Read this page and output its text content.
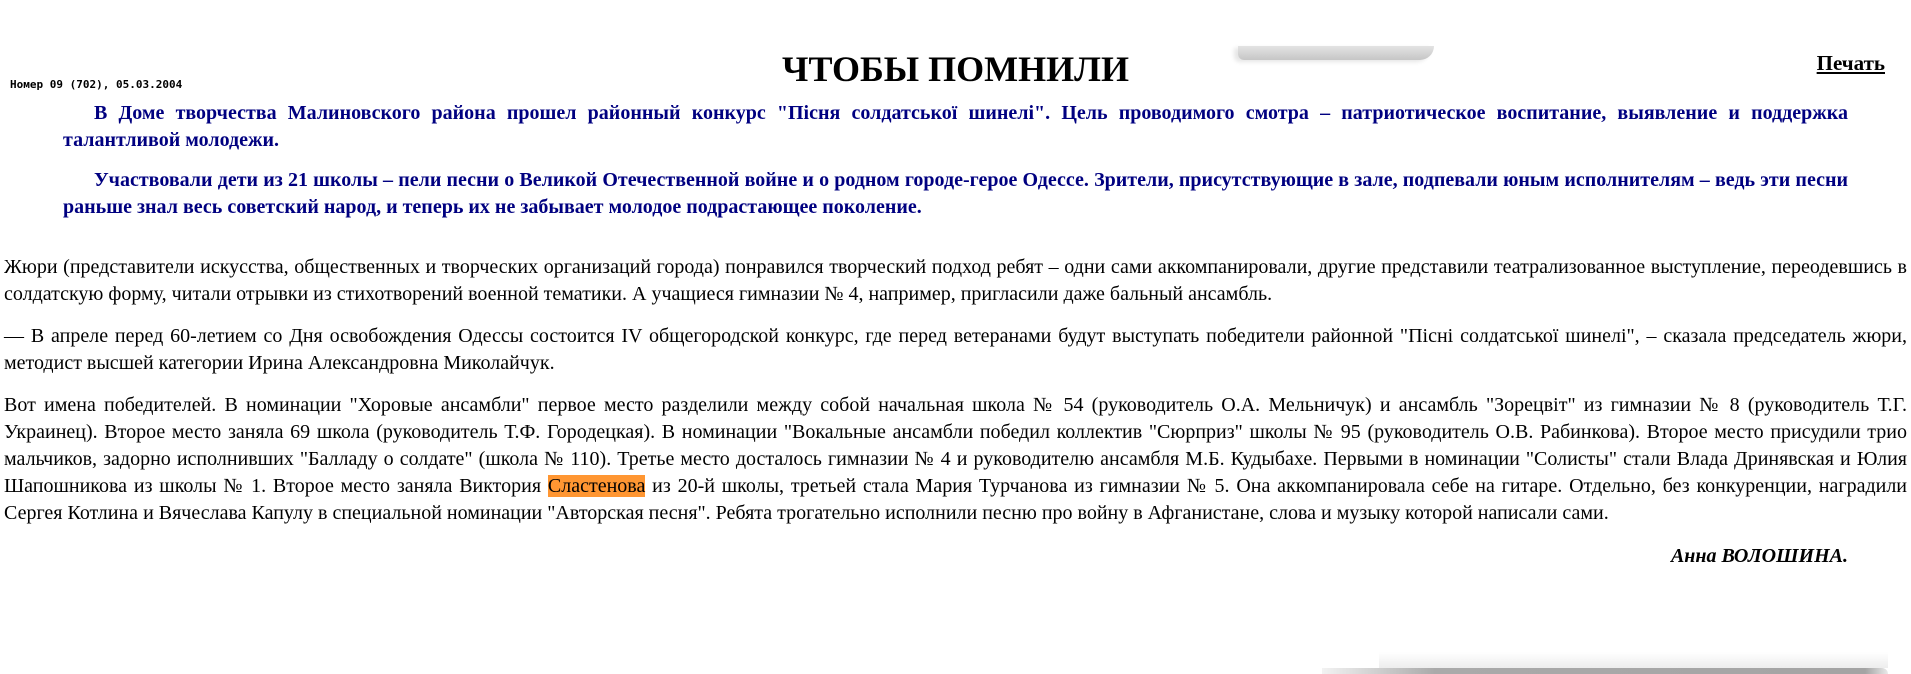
Печать
Номер 09 (702), 05.03.2004	ЧТОБЫ ПОМНИЛИ

В Доме творчества Малиновского района прошел районный конкурс "Пісня солдатської шинелі". Цель проводимого смотра – патриотическое воспитание, выявление и поддержка талантливой молодежи.

Участвовали дети из 21 школы – пели песни о Великой Отечественной войне и о родном городе-герое Одессе. Зрители, присутствующие в зале, подпевали юным исполнителям – ведь эти песни раньше знал весь советский народ, и теперь их не забывает молодое подрастающее поколение.

Жюри (представители искусства, общественных и творческих организаций города) понравился творческий подход ребят – одни сами аккомпанировали, другие представили театрализованное выступление, переодевшись в солдатскую форму, читали отрывки из стихотворений военной тематики. А учащиеся гимназии № 4, например, пригласили даже бальный ансамбль.

— В апреле перед 60-летием со Дня освобождения Одессы состоится IV общегородской конкурс, где перед ветеранами будут выступать победители районной "Пісні солдатської шинелі", – сказала председатель жюри, методист высшей категории Ирина Александровна Миколайчук.

Вот имена победителей. В номинации "Хоровые ансамбли" первое место разделили между собой начальная школа № 54 (руководитель О.А. Мельничук) и ансамбль "Зорецвіт" из гимназии № 8 (руководитель Т.Г. Украинец). Второе место заняла 69 школа (руководитель Т.Ф. Городецкая). В номинации "Вокальные ансамбли победил коллектив "Сюрприз" школы № 95 (руководитель О.В. Рабинкова). Второе место присудили трио мальчиков, задорно исполнивших "Балладу о солдате" (школа № 110). Третье место досталось гимназии № 4 и руководителю ансамбля М.Б. Кудыбахе. Первыми в номинации "Солисты" стали Влада Дринявская и Юлия Шапошникова из школы № 1. Второе место заняла Виктория Сластенова из 20-й школы, третьей стала Мария Турчанова из гимназии № 5. Она аккомпанировала себе на гитаре. Отдельно, без конкуренции, наградили Сергея Котлина и Вячеслава Капулу в специальной номинации "Авторская песня". Ребята трогательно исполнили песню про войну в Афганистане, слова и музыку которой написали сами.

Анна ВОЛОШИНА.
